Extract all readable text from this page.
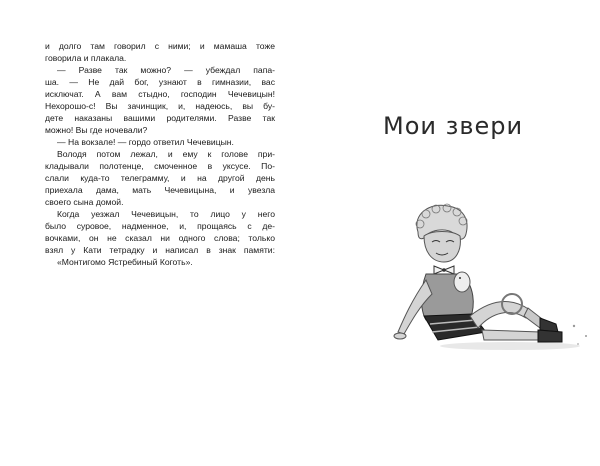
и долго там говорил с ними; и мамаша тоже
говорила и плакала.
— Разве так можно? — убеждал папа-
ша. — Не дай бог, узнают в гимназии, вас
исключат. А вам стыдно, господин Чечевицын!
Нехорошо-с! Вы зачинщик, и, надеюсь, вы бу-
дете наказаны вашими родителями. Разве так
можно! Вы где ночевали?
— На вокзале! — гордо ответил Чечевицын.
Володя потом лежал, и ему к голове при-
кладывали полотенце, смоченное в уксусе. По-
слали куда-то телеграмму, и на другой день
приехала дама, мать Чечевицына, и увезла
своего сына домой.
Когда уезжал Чечевицын, то лицо у него
было суровое, надменное, и, прощаясь с де-
вочками, он не сказал ни одного слова; только
взял у Кати тетрадку и написал в знак памяти:
«Монтигомо Ястребиный Коготь».
Мои звери
